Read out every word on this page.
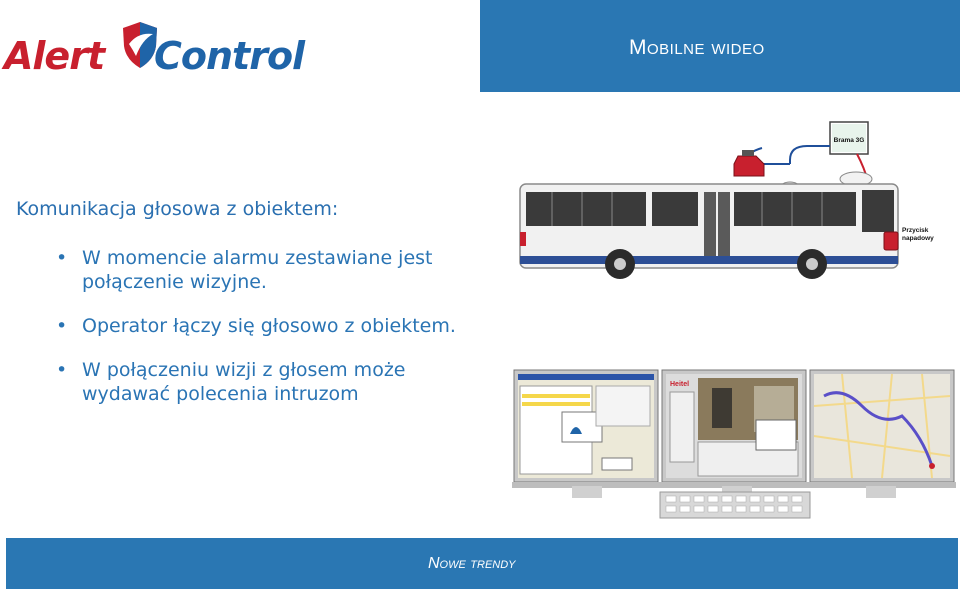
Alert Control	Mobilne wideo
Komunikacja głosowa z obiektem:
• W momencie alarmu zestawiane jest połączenie wizyjne.
• Operator łączy się głosowo z obiektem.
• W połączeniu wizji z głosem może wydawać polecenia intruzom
Brama 3G
Przycisk
napadowy
Heitel
Nowe trendy
